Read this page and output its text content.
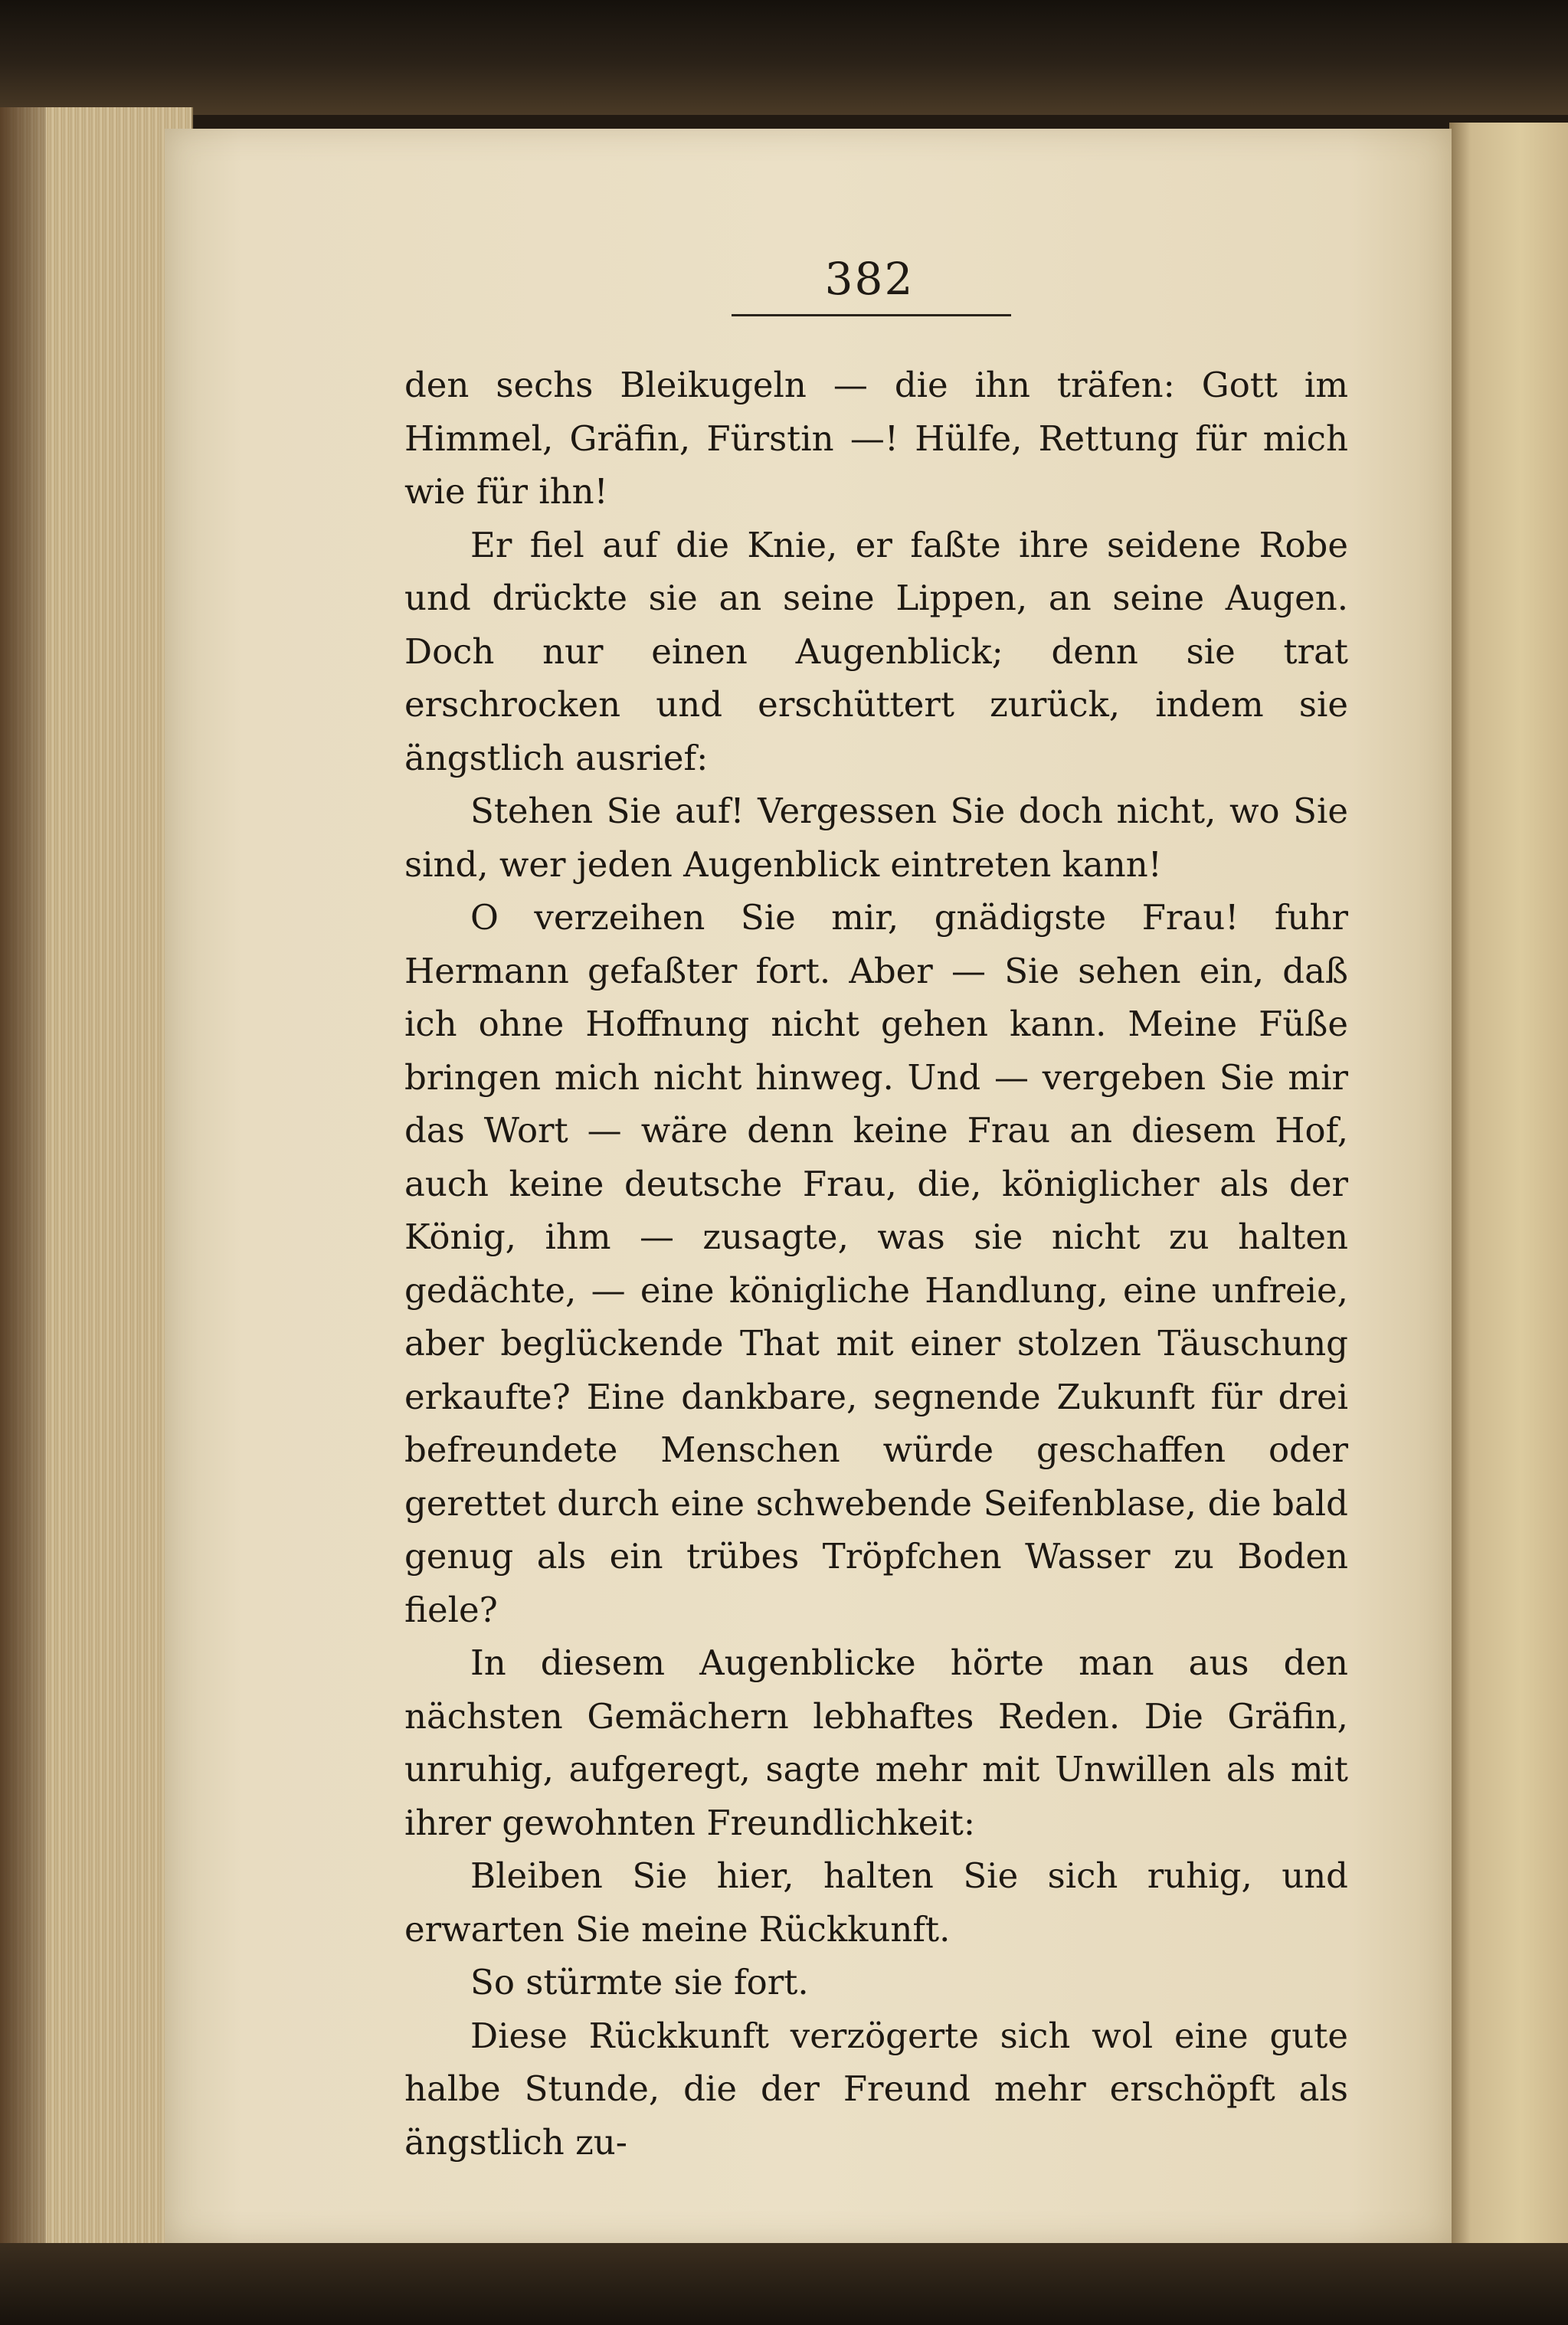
382

den sechs Bleikugeln — die ihn träfen: Gott im Himmel, Gräfin, Fürstin —! Hülfe, Rettung für mich wie für ihn!

Er fiel auf die Knie, er faßte ihre seidene Robe und drückte sie an seine Lippen, an seine Augen. Doch nur einen Augenblick; denn sie trat erschrocken und erschüttert zurück, indem sie ängstlich ausrief:

Stehen Sie auf! Vergessen Sie doch nicht, wo Sie sind, wer jeden Augenblick eintreten kann!

O verzeihen Sie mir, gnädigste Frau! fuhr Hermann gefaßter fort. Aber — Sie sehen ein, daß ich ohne Hoffnung nicht gehen kann. Meine Füße bringen mich nicht hinweg. Und — vergeben Sie mir das Wort — wäre denn keine Frau an diesem Hof, auch keine deutsche Frau, die, königlicher als der König, ihm — zusagte, was sie nicht zu halten gedächte, — eine königliche Handlung, eine unfreie, aber beglückende That mit einer stolzen Täuschung erkaufte? Eine dankbare, segnende Zukunft für drei befreundete Menschen würde geschaffen oder gerettet durch eine schwebende Seifenblase, die bald genug als ein trübes Tröpfchen Wasser zu Boden fiele?

In diesem Augenblicke hörte man aus den nächsten Gemächern lebhaftes Reden. Die Gräfin, unruhig, aufgeregt, sagte mehr mit Unwillen als mit ihrer gewohnten Freundlichkeit:

Bleiben Sie hier, halten Sie sich ruhig, und erwarten Sie meine Rückkunft.

So stürmte sie fort.

Diese Rückkunft verzögerte sich wol eine gute halbe Stunde, die der Freund mehr erschöpft als ängstlich zu-
